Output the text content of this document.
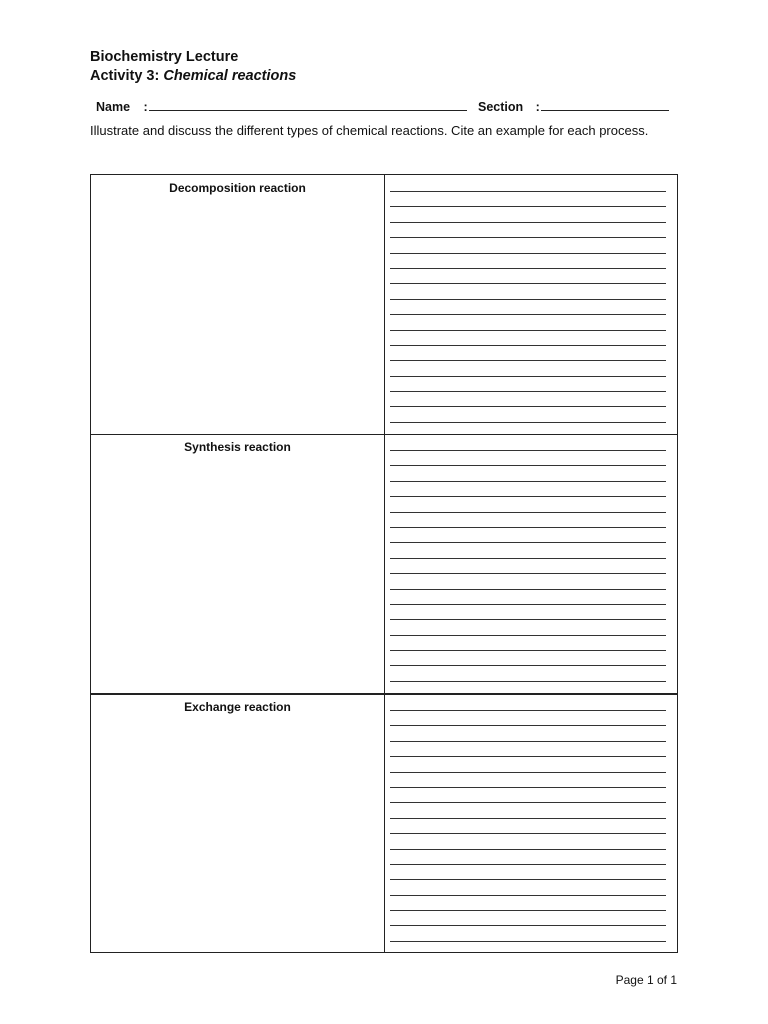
Biochemistry Lecture
Activity 3: Chemical reactions
Name :	Section :
Illustrate and discuss the different types of chemical reactions. Cite an example for each process.
Decomposition reaction
Synthesis reaction
Exchange reaction
Page 1 of 1
